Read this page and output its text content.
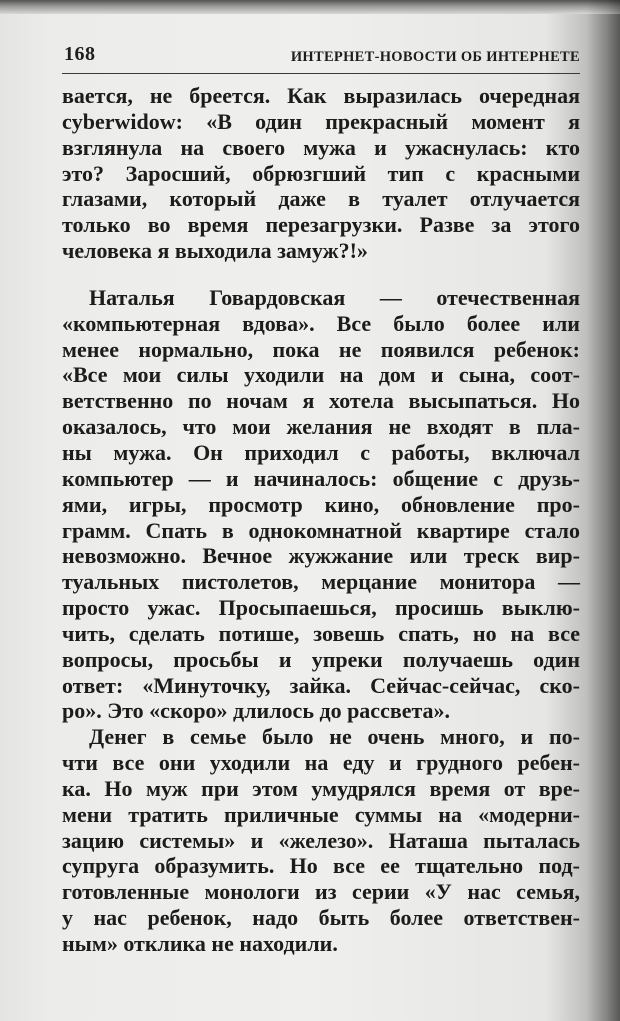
168	ИНТЕРНЕТ-НОВОСТИ ОБ ИНТЕРНЕТЕ
вается, не бреется. Как выразилась очередная
cyberwidow: «В один прекрасный момент я
взглянула на своего мужа и ужаснулась: кто
это? Заросший, обрюзгший тип с красными
глазами, который даже в туалет отлучается
только во время перезагрузки. Разве за этого
человека я выходила замуж?!»
Наталья Говардовская — отечественная
«компьютерная вдова». Все было более или
менее нормально, пока не появился ребенок:
«Все мои силы уходили на дом и сына, соот-
ветственно по ночам я хотела высыпаться. Но
оказалось, что мои желания не входят в пла-
ны мужа. Он приходил с работы, включал
компьютер — и начиналось: общение с друзь-
ями, игры, просмотр кино, обновление про-
грамм. Спать в однокомнатной квартире стало
невозможно. Вечное жужжание или треск вир-
туальных пистолетов, мерцание монитора —
просто ужас. Просыпаешься, просишь выклю-
чить, сделать потише, зовешь спать, но на все
вопросы, просьбы и упреки получаешь один
ответ: «Минуточку, зайка. Сейчас-сейчас, ско-
ро». Это «скоро» длилось до рассвета».
Денег в семье было не очень много, и по-
чти все они уходили на еду и грудного ребен-
ка. Но муж при этом умудрялся время от вре-
мени тратить приличные суммы на «модерни-
зацию системы» и «железо». Наташа пыталась
супруга образумить. Но все ее тщательно под-
готовленные монологи из серии «У нас семья,
у нас ребенок, надо быть более ответствен-
ным» отклика не находили.
